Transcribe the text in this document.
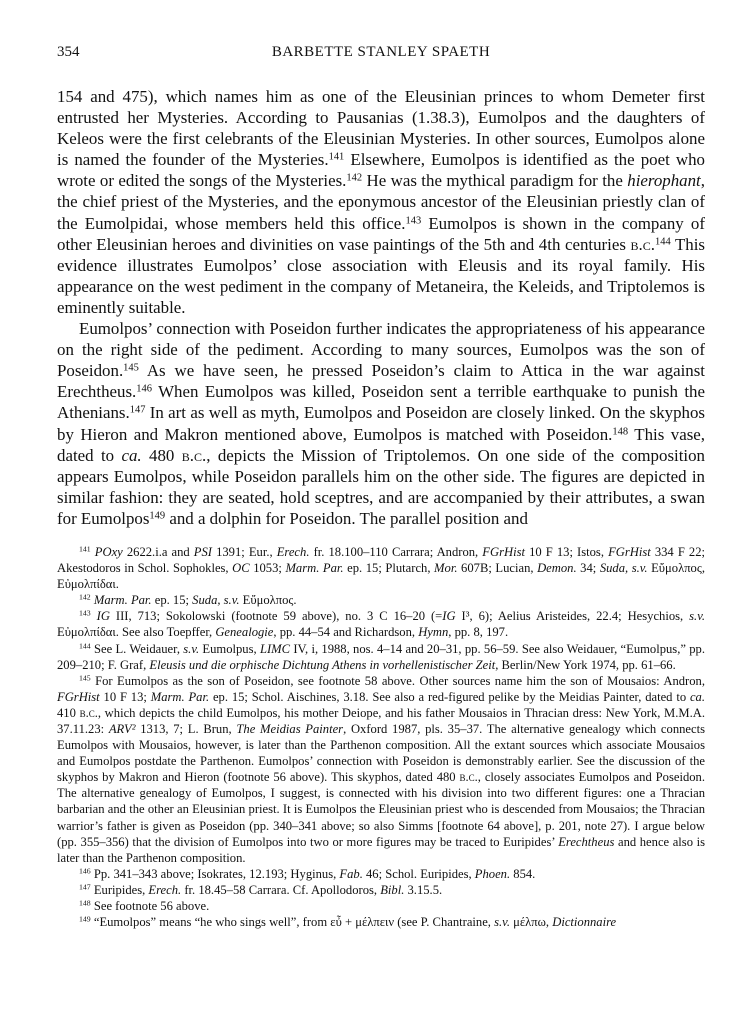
354	BARBETTE STANLEY SPAETH

154 and 475), which names him as one of the Eleusinian princes to whom Demeter first entrusted her Mysteries. According to Pausanias (1.38.3), Eumolpos and the daughters of Keleos were the first celebrants of the Eleusinian Mysteries. In other sources, Eumolpos alone is named the founder of the Mysteries.$^{141}$ Elsewhere, Eumolpos is identified as the poet who wrote or edited the songs of the Mysteries.$^{142}$ He was the mythical paradigm for the hierophant, the chief priest of the Mysteries, and the eponymous ancestor of the Eleusinian priestly clan of the Eumolpidai, whose members held this office.$^{143}$ Eumolpos is shown in the company of other Eleusinian heroes and divinities on vase paintings of the 5th and 4th centuries b.c.$^{144}$ This evidence illustrates Eumolpos’ close association with Eleusis and its royal family. His appearance on the west pediment in the company of Metaneira, the Keleids, and Triptolemos is eminently suitable.

Eumolpos’ connection with Poseidon further indicates the appropriateness of his appearance on the right side of the pediment. According to many sources, Eumolpos was the son of Poseidon.$^{145}$ As we have seen, he pressed Poseidon’s claim to Attica in the war against Erechtheus.$^{146}$ When Eumolpos was killed, Poseidon sent a terrible earthquake to punish the Athenians.$^{147}$ In art as well as myth, Eumolpos and Poseidon are closely linked. On the skyphos by Hieron and Makron mentioned above, Eumolpos is matched with Poseidon.$^{148}$ This vase, dated to ca. 480 b.c., depicts the Mission of Triptolemos. On one side of the composition appears Eumolpos, while Poseidon parallels him on the other side. The figures are depicted in similar fashion: they are seated, hold sceptres, and are accompanied by their attributes, a swan for Eumolpos$^{149}$ and a dolphin for Poseidon. The parallel position and

$^{141}$ POxy 2622.i.a and PSI 1391; Eur., Erech. fr. 18.100–110 Carrara; Andron, FGrHist 10 F 13; Istos, FGrHist 334 F 22; Akestodoros in Schol. Sophokles, OC 1053; Marm. Par. ep. 15; Plutarch, Mor. 607B; Lucian, Demon. 34; Suda, s.v. Εὔμολπος, Εὐμολπίδαι.

$^{142}$ Marm. Par. ep. 15; Suda, s.v. Εὔμολπος.

$^{143}$ IG III, 713; Sokolowski (footnote 59 above), no. 3 C 16–20 (=IG I³, 6); Aelius Aristeides, 22.4; Hesychios, s.v. Εὐμολπίδαι. See also Toepffer, Genealogie, pp. 44–54 and Richardson, Hymn, pp. 8, 197.

$^{144}$ See L. Weidauer, s.v. Eumolpus, LIMC IV, i, 1988, nos. 4–14 and 20–31, pp. 56–59. See also Weidauer, “Eumolpus,” pp. 209–210; F. Graf, Eleusis und die orphische Dichtung Athens in vorhellenistischer Zeit, Berlin/New York 1974, pp. 61–66.

$^{145}$ For Eumolpos as the son of Poseidon, see footnote 58 above. Other sources name him the son of Mousaios: Andron, FGrHist 10 F 13; Marm. Par. ep. 15; Schol. Aischines, 3.18. See also a red-figured pelike by the Meidias Painter, dated to ca. 410 b.c., which depicts the child Eumolpos, his mother Deiope, and his father Mousaios in Thracian dress: New York, M.M.A. 37.11.23: ARV² 1313, 7; L. Brun, The Meidias Painter, Oxford 1987, pls. 35–37. The alternative genealogy which connects Eumolpos with Mousaios, however, is later than the Parthenon composition. All the extant sources which associate Mousaios and Eumolpos postdate the Parthenon. Eumolpos’ connection with Poseidon is demonstrably earlier. See the discussion of the skyphos by Makron and Hieron (footnote 56 above). This skyphos, dated 480 b.c., closely associates Eumolpos and Poseidon. The alternative genealogy of Eumolpos, I suggest, is connected with his division into two different figures: one a Thracian barbarian and the other an Eleusinian priest. It is Eumolpos the Eleusinian priest who is descended from Mousaios; the Thracian warrior’s father is given as Poseidon (pp. 340–341 above; so also Simms [footnote 64 above], p. 201, note 27). I argue below (pp. 355–356) that the division of Eumolpos into two or more figures may be traced to Euripides’ Erechtheus and hence also is later than the Parthenon composition.

$^{146}$ Pp. 341–343 above; Isokrates, 12.193; Hyginus, Fab. 46; Schol. Euripides, Phoen. 854.

$^{147}$ Euripides, Erech. fr. 18.45–58 Carrara. Cf. Apollodoros, Bibl. 3.15.5.

$^{148}$ See footnote 56 above.

$^{149}$ “Eumolpos” means “he who sings well”, from εὖ + μέλπειν (see P. Chantraine, s.v. μέλπω, Dictionnaire
